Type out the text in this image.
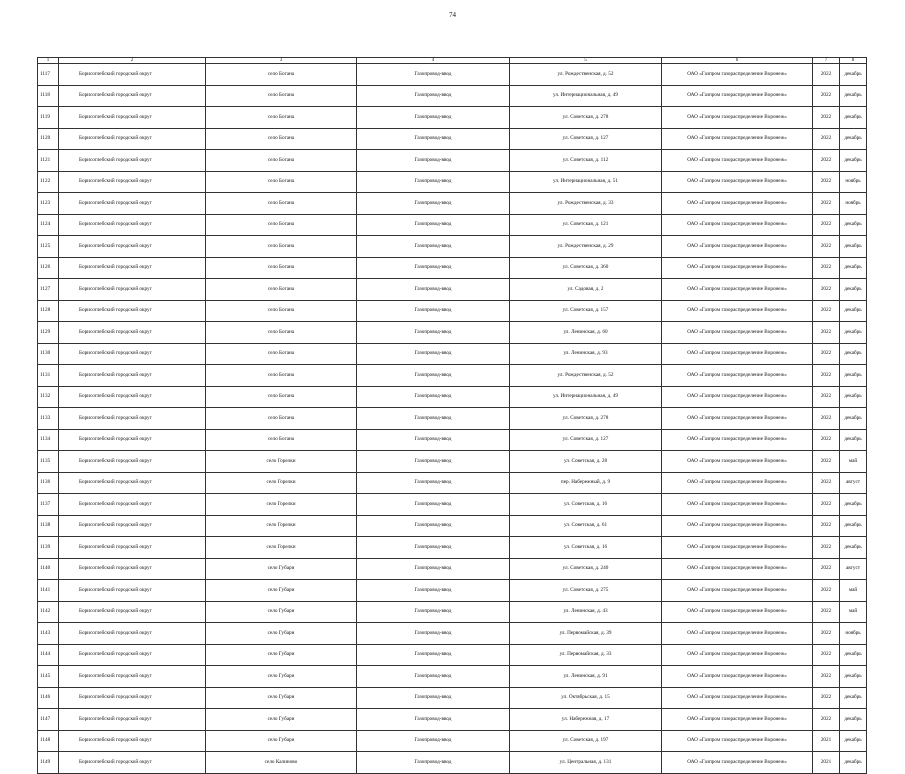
74
1	2	3	4	5	6	7	8
1117	Борисоглебский городской округ	село Богана	Газопровод-ввод	ул. Рождественская, д. 52	ОАО «Газпром газораспределение Воронеж»	2022	декабрь
1118	Борисоглебский городской округ	село Богана	Газопровод-ввод	ул. Интернациональная, д. 49	ОАО «Газпром газораспределение Воронеж»	2022	декабрь
1119	Борисоглебский городской округ	село Богана	Газопровод-ввод	ул. Советская, д. 278	ОАО «Газпром газораспределение Воронеж»	2022	декабрь
1120	Борисоглебский городской округ	село Богана	Газопровод-ввод	ул. Советская, д. 127	ОАО «Газпром газораспределение Воронеж»	2022	декабрь
1121	Борисоглебский городской округ	село Богана	Газопровод-ввод	ул. Советская, д. 112	ОАО «Газпром газораспределение Воронеж»	2022	декабрь
1122	Борисоглебский городской округ	село Богана	Газопровод-ввод	ул. Интернациональная, д. 51	ОАО «Газпром газораспределение Воронеж»	2022	ноябрь
1123	Борисоглебский городской округ	село Богана	Газопровод-ввод	ул. Рождественская, д. 33	ОАО «Газпром газораспределение Воронеж»	2022	ноябрь
1124	Борисоглебский городской округ	село Богана	Газопровод-ввод	ул. Советская, д. 121	ОАО «Газпром газораспределение Воронеж»	2022	декабрь
1125	Борисоглебский городской округ	село Богана	Газопровод-ввод	ул. Рождественская, д. 29	ОАО «Газпром газораспределение Воронеж»	2022	декабрь
1126	Борисоглебский городской округ	село Богана	Газопровод-ввод	ул. Советская, д. 360	ОАО «Газпром газораспределение Воронеж»	2022	декабрь
1127	Борисоглебский городской округ	село Богана	Газопровод-ввод	ул. Садовая, д. 2	ОАО «Газпром газораспределение Воронеж»	2022	декабрь
1128	Борисоглебский городской округ	село Богана	Газопровод-ввод	ул. Советская, д. 157	ОАО «Газпром газораспределение Воронеж»	2022	декабрь
1129	Борисоглебский городской округ	село Богана	Газопровод-ввод	ул. Ленинская, д. 60	ОАО «Газпром газораспределение Воронеж»	2022	декабрь
1130	Борисоглебский городской округ	село Богана	Газопровод-ввод	ул. Ленинская, д. 93	ОАО «Газпром газораспределение Воронеж»	2022	декабрь
1131	Борисоглебский городской округ	село Богана	Газопровод-ввод	ул. Рождественская, д. 52	ОАО «Газпром газораспределение Воронеж»	2022	декабрь
1132	Борисоглебский городской округ	село Богана	Газопровод-ввод	ул. Интернациональная, д. 49	ОАО «Газпром газораспределение Воронеж»	2022	декабрь
1133	Борисоглебский городской округ	село Богана	Газопровод-ввод	ул. Советская, д. 278	ОАО «Газпром газораспределение Воронеж»	2022	декабрь
1134	Борисоглебский городской округ	село Богана	Газопровод-ввод	ул. Советская, д. 127	ОАО «Газпром газораспределение Воронеж»	2022	декабрь
1135	Борисоглебский городской округ	село Горелки	Газопровод-ввод	ул. Советская, д. 28	ОАО «Газпром газораспределение Воронеж»	2022	май
1136	Борисоглебский городской округ	село Горелки	Газопровод-ввод	пер. Набережный, д. 9	ОАО «Газпром газораспределение Воронеж»	2022	август
1137	Борисоглебский городской округ	село Горелки	Газопровод-ввод	ул. Советская, д. 16	ОАО «Газпром газораспределение Воронеж»	2022	декабрь
1138	Борисоглебский городской округ	село Горелки	Газопровод-ввод	ул. Советская, д. 61	ОАО «Газпром газораспределение Воронеж»	2022	декабрь
1139	Борисоглебский городской округ	село Горелки	Газопровод-ввод	ул. Советская, д. 16	ОАО «Газпром газораспределение Воронеж»	2022	декабрь
1140	Борисоглебский городской округ	село Губари	Газопровод-ввод	ул. Советская, д. 240	ОАО «Газпром газораспределение Воронеж»	2022	август
1141	Борисоглебский городской округ	село Губари	Газопровод-ввод	ул. Советская, д. 275	ОАО «Газпром газораспределение Воронеж»	2022	май
1142	Борисоглебский городской округ	село Губари	Газопровод-ввод	ул. Ленинская, д. 43	ОАО «Газпром газораспределение Воронеж»	2022	май
1143	Борисоглебский городской округ	село Губари	Газопровод-ввод	ул. Первомайская, д. 39	ОАО «Газпром газораспределение Воронеж»	2022	ноябрь
1144	Борисоглебский городской округ	село Губари	Газопровод-ввод	ул. Первомайская, д. 33	ОАО «Газпром газораспределение Воронеж»	2022	декабрь
1145	Борисоглебский городской округ	село Губари	Газопровод-ввод	ул. Ленинская, д. 91	ОАО «Газпром газораспределение Воронеж»	2022	декабрь
1146	Борисоглебский городской округ	село Губари	Газопровод-ввод	ул. Октябрьская, д. 15	ОАО «Газпром газораспределение Воронеж»	2022	декабрь
1147	Борисоглебский городской округ	село Губари	Газопровод-ввод	ул. Набережная, д. 17	ОАО «Газпром газораспределение Воронеж»	2022	декабрь
1148	Борисоглебский городской округ	село Губари	Газопровод-ввод	ул. Советская, д. 197	ОАО «Газпром газораспределение Воронеж»	2021	декабрь
1149	Борисоглебский городской округ	село Калиново	Газопровод-ввод	ул. Центральная, д. 131	ОАО «Газпром газораспределение Воронеж»	2021	декабрь
